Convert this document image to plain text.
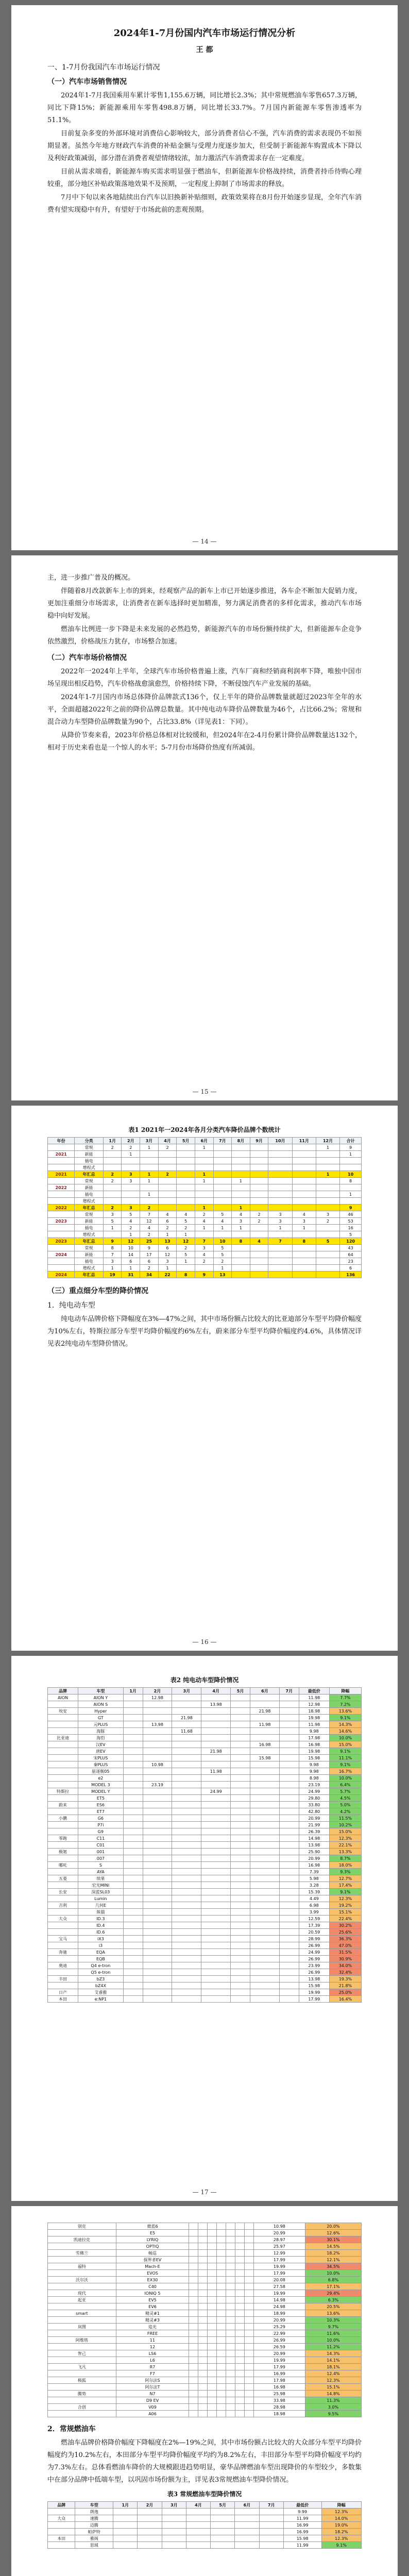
2024年1-7月份国内汽车市场运行情况分析
王 都
一、1-7月份我国汽车市场运行情况
（一）汽车市场销售情况

2024年1-7月我国乘用车累计零售1,155.6万辆，同比增长2.3%；其中常规燃油车零售657.3万辆，同比下降15%；新能源乘用车零售498.8万辆，同比增长33.7%。7月国内新能源车零售渗透率为51.1%。

目前复杂多变的外部环境对消费信心影响较大，部分消费者信心不强，汽车消费的需求表现仍不如预期显著。虽然今年地方财政汽车消费的补贴金额与受理力度逐步加大，但受制于新能源车购置成本下降以及利好政策减弱，部分潜在消费者观望情绪较浓，加力激活汽车消费需求存在一定难度。

目前从需求端看，新能源车购买需求明显强于燃油车，但新能源车价格战持续，消费者持币待购心理较重，部分地区补贴政策落地效果不及预期，一定程度上抑制了市场需求的释放。

7月中下旬以来各地陆续出台汽车以旧换新补贴细则，政策效果将在8月份开始逐步显现，全年汽车消费有望实现稳中有升，有望好于市场此前的悲观预期。

— 14 —

主，进一步推广普及的概况。

伴随着8月改款新车上市的到来，经观察产品的新车上市已开始逐步推进，各车企不断加大促销力度，更加注重细分市场需求，让消费者在新车选择时更加精准，努力满足消费者的多样化需求，推动汽车市场稳中向好发展。

燃油车比例进一步下降是未来发展的必然趋势，新能源汽车的市场份额持续扩大，但新能源车企竞争依然激烈，价格战压力犹存，市场整合加速。

（二）汽车市场价格情况

2022年一2024年上半年，全球汽车市场价格普遍上涨，汽车厂商和经销商利润率下降，唯独中国市场呈现出相反趋势，汽车价格战愈演愈烈，价格持续下降，不断侵蚀汽车产业发展的基础。

2024年1-7月国内市场总体降价品牌款式136个，仅上半年的降价品牌数量就超过2023年全年的水平，全面超越2022年之前的降价品牌总数量。其中纯电动车降价品牌数量为46个，占比66.2%；常规和混合动力车型降价品牌数量为90个，占比33.8%（详见表1：下同）。

从降价节奏来看，2023年价格总体相对比较缓和，但2024年在2-4月份累计降价品牌数量达132个，相对于历史来看也是一个惊人的水平；5-7月份市场降价热度有所减弱。

— 15 —
表1 2021年一2024年各月分类汽车降价品牌个数统计
年份	分类	1月	2月	3月	4月	5月	6月	7月	8月	9月	10月	11月	12月	合计
	常规	2	2	1	2		1						1	9
2021	新能		1											1
	插电													
	增程式													
2021	年汇总	2	3	1	2		1						1	10
	常规	2	3	1			1		1					8
2022	新能													
	插电			1										1
	增程式													
2022	年汇总	2	3	2			1		1					9
	常规	3	5	7	4	4	2	5	4	2	3	4	3	46
2023	新能	5	4	12	6	5	4	4	3	2	3	3	2	53
	插电	1	2	4	2	2	1	1	1		1	1		16
	增程式		1	2	1	1								5
2023	年汇总	9	12	25	13	12	7	10	8	4	7	8	5	120
	常规	8	10	9	6	2	3	5						43
2024	新能	7	14	17	12	5	4	5						64
	插电	3	6	6	3	1	2	2						23
	增程式	1	1	2	1			1						6
2024	年汇总	19	31	34	22	8	9	13						136
（三）重点细分车型的降价情况
1．纯电动车型

纯电动车品牌价格下降幅度在3%—47%之间，其中市场份额占比较大的比亚迪部分车型平均降价幅度为10%左右，特斯拉部分车型平均降价幅度约6%左右，蔚来部分车型平均降价幅度约4.6%，具体情况详见表2纯电动车型降价情况。

— 16 —
表2 纯电动车型降价情况
品牌	车型	1月	2月	3月	4月	5月	6月	7月	最低价	降幅
AION	AION Y		12.98						11.98	7.7%
	AION S				13.98				12.98	7.2%
埃安	Hyper						21.98		18.98	13.6%
	GT			21.98					19.98	9.1%
	元PLUS		13.98				11.98		11.98	14.3%
	海豚			11.68					9.98	14.6%
比亚迪	海豹								17.98	10.0%
	汉EV						16.98		16.98	15.0%
	唐EV				21.98				19.98	9.1%
	宋PLUS						15.98		15.98	11.1%
	秦PLUS		10.98						9.98	9.1%
	驱逐舰05				11.98				9.98	16.7%
	e2								8.98	10.0%
	MODEL 3		23.19						23.19	6.4%
特斯拉	MODEL Y				24.99				24.99	5.7%
	ET5								29.80	4.5%
蔚来	ES6								33.80	5.0%
	ET7								42.80	4.2%
小鹏	G6								20.99	11.5%
	P7i								21.99	10.2%
	G9								26.39	15.0%
零跑	C11								14.98	12.3%
	C01								13.98	22.1%
极氪	001								25.90	13.3%
	007								20.99	8.7%
哪吒	S								16.98	18.0%
	AYA								7.39	9.3%
五菱	缤果								5.98	12.7%
	宏光MINI								3.28	17.4%
长安	深蓝SL03								15.39	9.1%
	Lumin								4.49	12.3%
吉利	几何E								6.98	19.2%
	熊猫								3.99	15.1%
大众	ID.3								12.59	22.4%
	ID.4								17.39	30.2%
	ID.6								20.59	25.6%
宝马	iX3								28.99	36.3%
	i3								26.99	47.0%
奔驰	EQA								24.99	31.5%
	EQB								26.99	30.9%
奥迪	Q4 e-tron								23.99	34.0%
	Q5 e-tron								26.99	32.4%
丰田	bZ3								13.98	19.3%
	bZ4X								15.98	21.8%
日产	艾睿雅								19.99	25.0%
本田	e:NP1								17.99	16.4%
— 17 —
别克	微蓝6								10.98	20.0%
	E5								20.99	12.6%
凯迪拉克	LYRIQ								28.97	30.1%
	OPTIQ								25.97	14.5%
雪佛兰	畅巡								12.99	18.2%
	探界者EV								17.99	12.1%
福特	Mach-E								19.99	34.5%
	EVOS								17.99	10.0%
沃尔沃	EX30								20.08	6.8%
	C40								27.58	17.1%
现代	IONIQ 5								19.99	29.4%
起亚	EV5								14.98	6.3%
	EV6								24.98	20.5%
smart	精灵#1								18.99	13.6%
	精灵#3								20.99	10.3%
岚图	追光								25.29	9.7%
	FREE								22.99	11.6%
阿维塔	11								26.99	10.0%
	12								26.59	11.2%
智己	LS6								20.99	14.3%
	L6								19.99	14.1%
飞凡	R7								17.99	18.1%
	F7								16.99	12.4%
极狐	阿尔法S								17.98	12.3%
	阿尔法T								16.98	15.1%
腾势	N7								25.98	14.8%
	D9 EV								33.98	11.3%
合创	V09								28.98	3.0%
	A06								18.98	9.5%
2．常规燃油车

燃油车品牌价格降价幅度下降幅度在2%—19%之间，其中市场份额占比较大的大众部分车型平均降价幅度约为10.2%左右，本田部分车型平均降价幅度平均约为8.2%左右，丰田部分车型平均降价幅度平均约为7.3%左右。总体看燃油车降价的大规模跟进趋势明显，豪华品牌燃油车型出现降价的车型较少，多数集中在部分品牌中低端车型，以巩固市场份额为主，详见表3常规燃油车型降价情况。

表3 常规燃油车型降价情况
品牌	车型	1月	2月	3月	4月	5月	6月	7月	最低价	降幅
	朗逸								9.99	12.3%
大众	速腾								11.99	14.0%
	迈腾								16.99	19.0%
	帕萨特								16.99	18.2%
本田	雅阁								15.98	12.3%
	思域								11.99	9.1%
